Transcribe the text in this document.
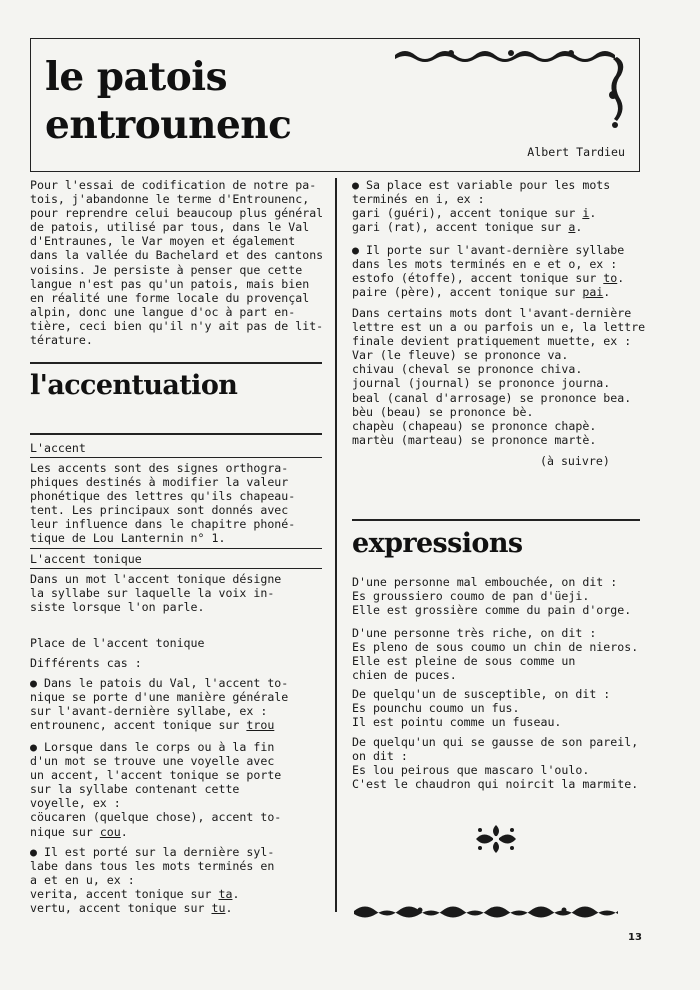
le patois
entrounenc
Albert Tardieu

Pour l'essai de codification de notre pa-

tois, j'abandonne le terme d'Entrounenc,

pour reprendre celui beaucoup plus général

de patois, utilisé par tous, dans le Val

d'Entraunes, le Var moyen et également

dans la vallée du Bachelard et des cantons

voisins. Je persiste à penser que cette

langue n'est pas qu'un patois, mais bien

en réalité une forme locale du provençal

alpin, donc une langue d'oc à part en-

tière, ceci bien qu'il n'y ait pas de lit-

térature.

l'accentuation

L'accent

Les accents sont des signes orthogra-

phiques destinés à modifier la valeur

phonétique des lettres qu'ils chapeau-

tent. Les principaux sont donnés avec

leur influence dans le chapitre phoné-

tique de Lou Lanternin n° 1.

L'accent tonique

Dans un mot l'accent tonique désigne

la syllabe sur laquelle la voix in-

siste lorsque l'on parle.

Place de l'accent tonique

Différents cas :

● Dans le patois du Val, l'accent to-

nique se porte d'une manière générale

sur l'avant-dernière syllabe, ex :

entrounenc, accent tonique sur trou

● Lorsque dans le corps ou à la fin

d'un mot se trouve une voyelle avec

un accent, l'accent tonique se porte

sur la syllabe contenant cette

voyelle, ex :

cöucaren (quelque chose), accent to-

nique sur cou.

● Il est porté sur la dernière syl-

labe dans tous les mots terminés en

a et en u, ex :

verita, accent tonique sur ta.

vertu, accent tonique sur tu.

● Sa place est variable pour les mots

terminés en i, ex :

gari (guéri), accent tonique sur i.

gari (rat), accent tonique sur a.

● Il porte sur l'avant-dernière syllabe

dans les mots terminés en e et o, ex :

estofo (étoffe), accent tonique sur to.

paire (père), accent tonique sur pai.

Dans certains mots dont l'avant-dernière

lettre est un a ou parfois un e, la lettre

finale devient pratiquement muette, ex :

Var (le fleuve) se prononce va.

chivau (cheval se prononce chiva.

journal (journal) se prononce journa.

beal (canal d'arrosage) se prononce bea.

bèu (beau) se prononce bè.

chapèu (chapeau) se prononce chapè.

martèu (marteau) se prononce martè.

(à suivre)
expressions

D'une personne mal embouchée, on dit :

Es groussiero coumo de pan d'üeji.

Elle est grossière comme du pain d'orge.

D'une personne très riche, on dit :

Es pleno de sous coumo un chin de nieros.

Elle est pleine de sous comme un

chien de puces.

De quelqu'un de susceptible, on dit :

Es pounchu coumo un fus.

Il est pointu comme un fuseau.

De quelqu'un qui se gausse de son pareil,

on dit :

Es lou peirous que mascaro l'oulo.

C'est le chaudron qui noircit la marmite.

13
